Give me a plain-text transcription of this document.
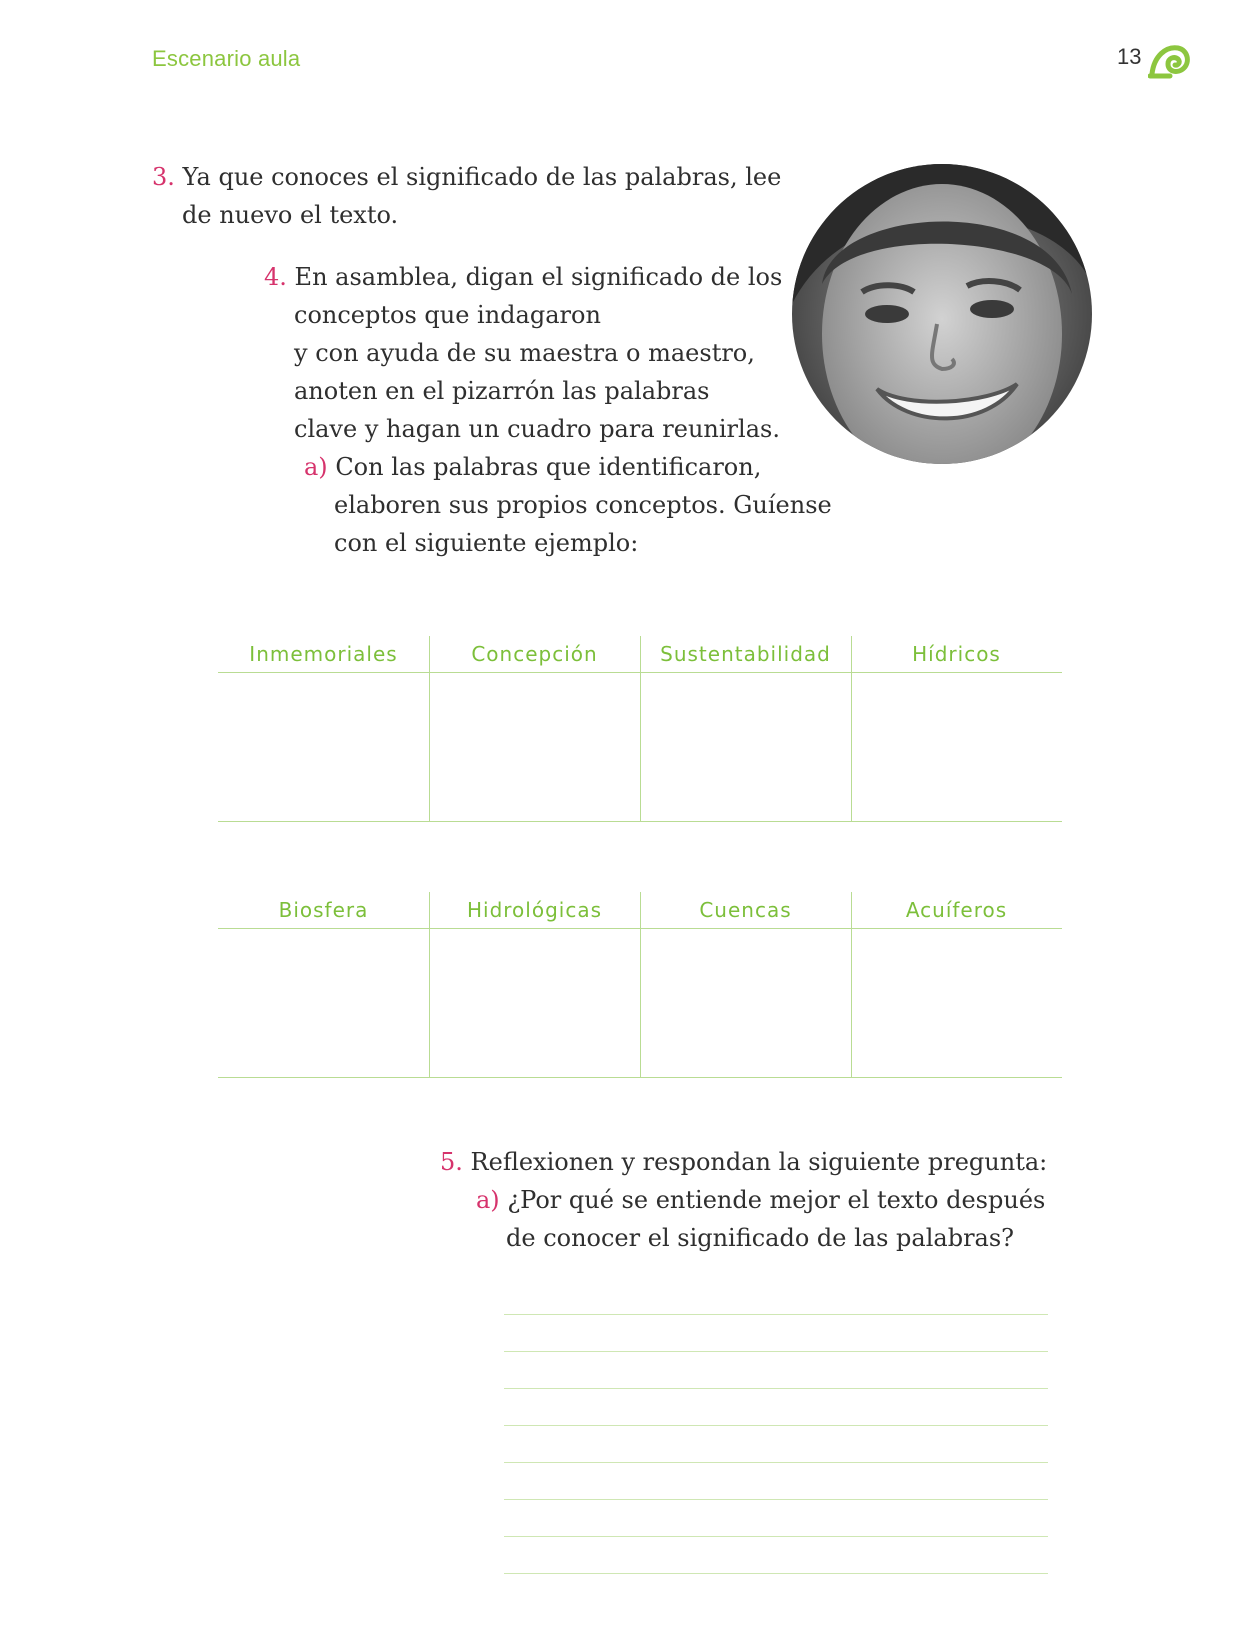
Escenario aula	13
3. Ya que conoces el significado de las palabras, lee
de nuevo el texto.
4. En asamblea, digan el significado de los
conceptos que indagaron
y con ayuda de su maestra o maestro,
anoten en el pizarrón las palabras
clave y hagan un cuadro para reunirlas.
a) Con las palabras que identificaron,
elaboren sus propios conceptos. Guíense
con el siguiente ejemplo:
Inmemoriales	Concepción	Sustentabilidad	Hídricos
Biosfera	Hidrológicas	Cuencas	Acuíferos
5. Reflexionen y respondan la siguiente pregunta:
a) ¿Por qué se entiende mejor el texto después
de conocer el significado de las palabras?
